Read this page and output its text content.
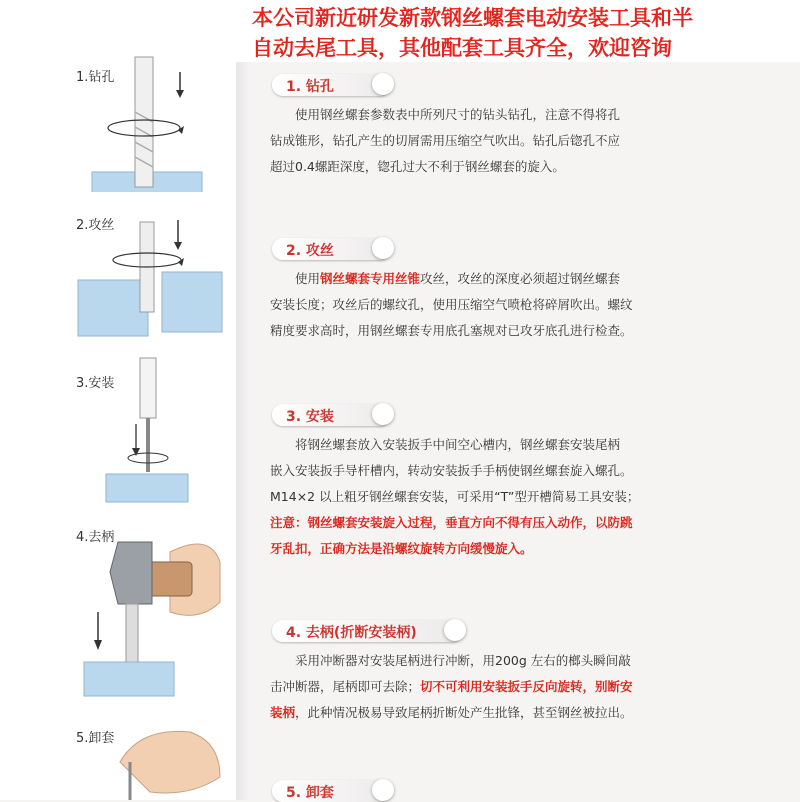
本公司新近研发新款钢丝螺套电动安装工具和半
自动去尾工具，其他配套工具齐全，欢迎咨询
1.钻孔
2.攻丝
3.安装
4.去柄
5.卸套
1. 钻孔

使用钢丝螺套参数表中所列尺寸的钻头钻孔，注意不得将孔

钻成锥形，钻孔产生的切屑需用压缩空气吹出。钻孔后锪孔不应

超过0.4螺距深度，锪孔过大不利于钢丝螺套的旋入。

2. 攻丝

使用钢丝螺套专用丝锥攻丝，攻丝的深度必须超过钢丝螺套

安装长度；攻丝后的螺纹孔，使用压缩空气喷枪将碎屑吹出。螺纹

精度要求高时，用钢丝螺套专用底孔塞规对已攻牙底孔进行检查。

3. 安装

将钢丝螺套放入安装扳手中间空心槽内，钢丝螺套安装尾柄

嵌入安装扳手导杆槽内，转动安装扳手手柄使钢丝螺套旋入螺孔。

M14×2 以上粗牙钢丝螺套安装，可采用“T”型开槽简易工具安装；

注意：钢丝螺套安装旋入过程，垂直方向不得有压入动作，以防跳

牙乱扣，正确方法是沿螺纹旋转方向缓慢旋入。

4. 去柄(折断安装柄)

采用冲断器对安装尾柄进行冲断，用200g 左右的榔头瞬间敲

击冲断器，尾柄即可去除；切不可利用安装扳手反向旋转，别断安

装柄，此种情况极易导致尾柄折断处产生批锋，甚至钢丝被拉出。

5. 卸套
